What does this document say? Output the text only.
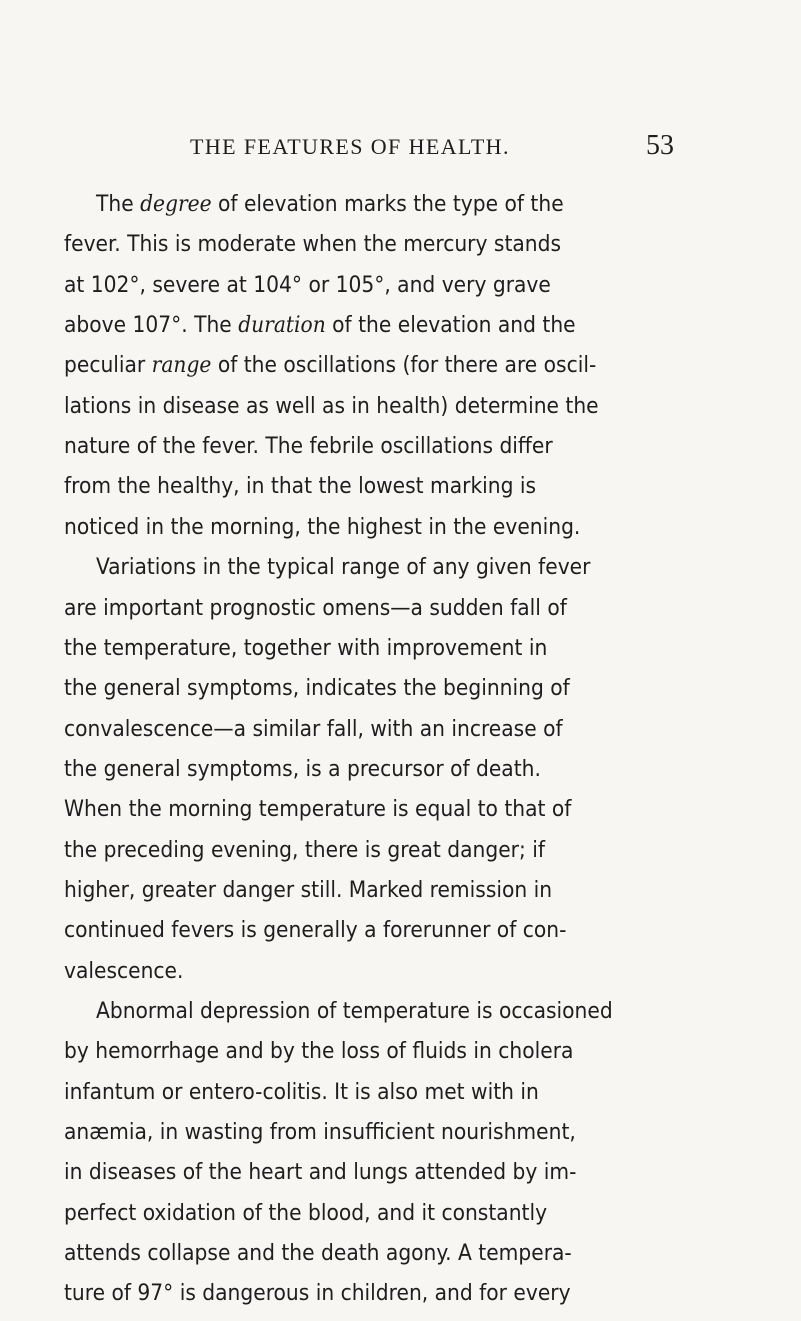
THE FEATURES OF HEALTH.	53
The degree of elevation marks the type of the
fever. This is moderate when the mercury stands
at 102°, severe at 104° or 105°, and very grave
above 107°. The duration of the elevation and the
peculiar range of the oscillations (for there are oscil-
lations in disease as well as in health) determine the
nature of the fever. The febrile oscillations differ
from the healthy, in that the lowest marking is
noticed in the morning, the highest in the evening.
Variations in the typical range of any given fever
are important prognostic omens—a sudden fall of
the temperature, together with improvement in
the general symptoms, indicates the beginning of
convalescence—a similar fall, with an increase of
the general symptoms, is a precursor of death.
When the morning temperature is equal to that of
the preceding evening, there is great danger; if
higher, greater danger still. Marked remission in
continued fevers is generally a forerunner of con-
valescence.
Abnormal depression of temperature is occasioned
by hemorrhage and by the loss of fluids in cholera
infantum or entero-colitis. It is also met with in
anæmia, in wasting from insufficient nourishment,
in diseases of the heart and lungs attended by im-
perfect oxidation of the blood, and it constantly
attends collapse and the death agony. A tempera-
ture of 97° is dangerous in children, and for every
